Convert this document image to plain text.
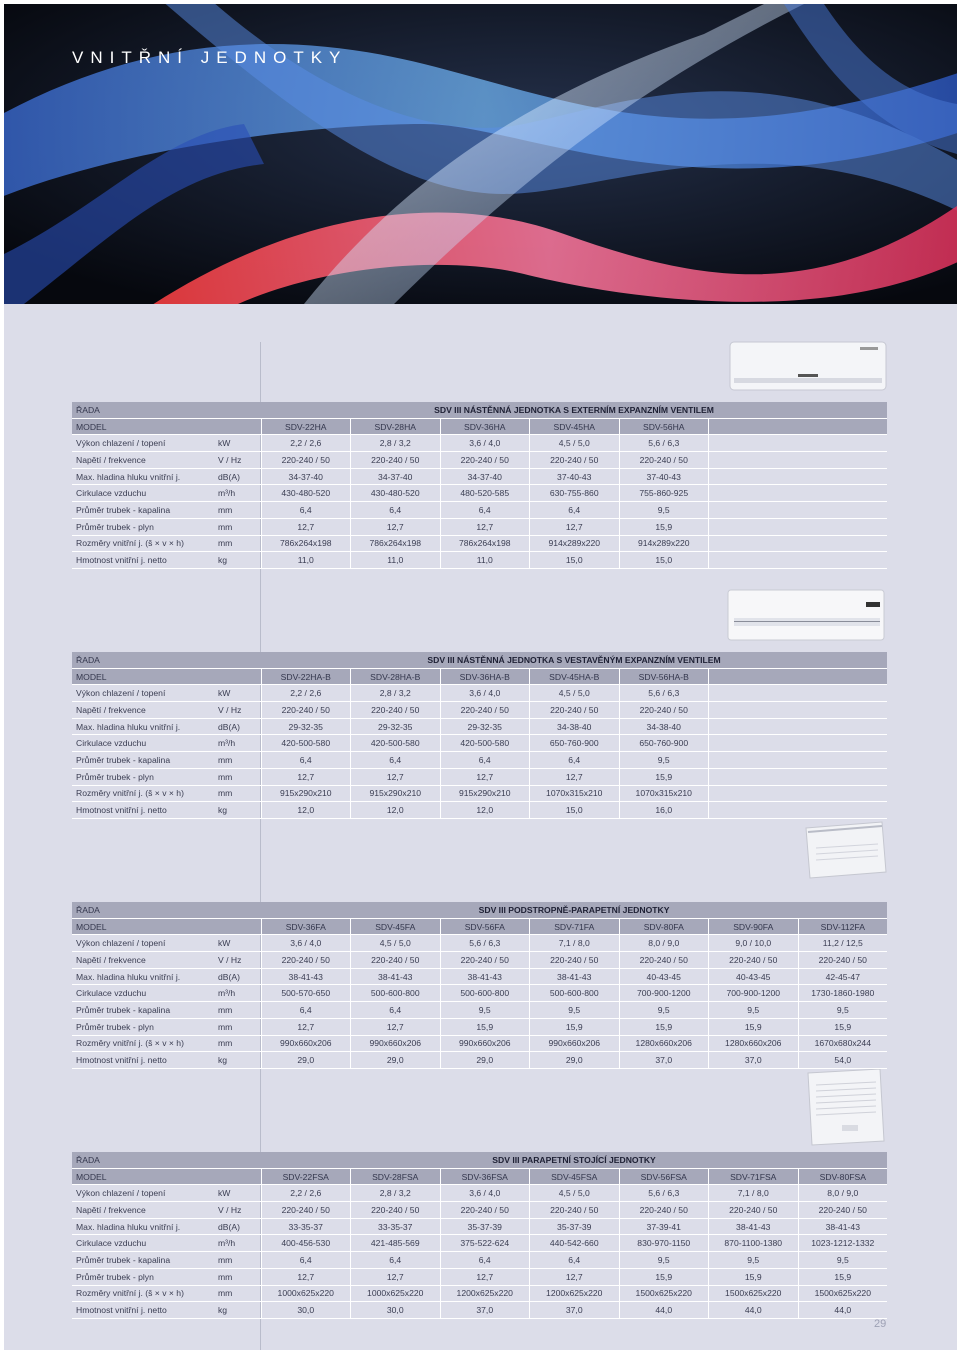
VNITŘNÍ JEDNOTKY
ŘADA		SDV III NÁSTĚNNÁ JEDNOTKA S EXTERNÍM EXPANZNÍM VENTILEM					
MODEL		SDV-22HA	SDV-28HA	SDV-36HA	SDV-45HA	SDV-56HA	
Výkon chlazení / topení	kW	2,2 / 2,6	2,8 / 3,2	3,6 / 4,0	4,5 / 5,0	5,6 / 6,3	
Napětí / frekvence	V / Hz	220-240 / 50	220-240 / 50	220-240 / 50	220-240 / 50	220-240 / 50	
Max. hladina hluku vnitřní j.	dB(A)	34-37-40	34-37-40	34-37-40	37-40-43	37-40-43	
Cirkulace vzduchu	m³/h	430-480-520	430-480-520	480-520-585	630-755-860	755-860-925	
Průměr trubek - kapalina	mm	6,4	6,4	6,4	6,4	9,5	
Průměr trubek - plyn	mm	12,7	12,7	12,7	12,7	15,9	
Rozměry vnitřní j. (š × v × h)	mm	786x264x198	786x264x198	786x264x198	914x289x220	914x289x220	
Hmotnost vnitřní j. netto	kg	11,0	11,0	11,0	15,0	15,0	
ŘADA		SDV III NÁSTĚNNÁ JEDNOTKA S VESTAVĚNÝM EXPANZNÍM VENTILEM					
MODEL		SDV-22HA-B	SDV-28HA-B	SDV-36HA-B	SDV-45HA-B	SDV-56HA-B	
Výkon chlazení / topení	kW	2,2 / 2,6	2,8 / 3,2	3,6 / 4,0	4,5 / 5,0	5,6 / 6,3	
Napětí / frekvence	V / Hz	220-240 / 50	220-240 / 50	220-240 / 50	220-240 / 50	220-240 / 50	
Max. hladina hluku vnitřní j.	dB(A)	29-32-35	29-32-35	29-32-35	34-38-40	34-38-40	
Cirkulace vzduchu	m³/h	420-500-580	420-500-580	420-500-580	650-760-900	650-760-900	
Průměr trubek - kapalina	mm	6,4	6,4	6,4	6,4	9,5	
Průměr trubek - plyn	mm	12,7	12,7	12,7	12,7	15,9	
Rozměry vnitřní j. (š × v × h)	mm	915x290x210	915x290x210	915x290x210	1070x315x210	1070x315x210	
Hmotnost vnitřní j. netto	kg	12,0	12,0	12,0	15,0	16,0	
ŘADA		SDV III PODSTROPNĚ-PARAPETNÍ JEDNOTKY						
MODEL		SDV-36FA	SDV-45FA	SDV-56FA	SDV-71FA	SDV-80FA	SDV-90FA	SDV-112FA
Výkon chlazení / topení	kW	3,6 / 4,0	4,5 / 5,0	5,6 / 6,3	7,1 / 8,0	8,0 / 9,0	9,0 / 10,0	11,2 / 12,5
Napětí / frekvence	V / Hz	220-240 / 50	220-240 / 50	220-240 / 50	220-240 / 50	220-240 / 50	220-240 / 50	220-240 / 50
Max. hladina hluku vnitřní j.	dB(A)	38-41-43	38-41-43	38-41-43	38-41-43	40-43-45	40-43-45	42-45-47
Cirkulace vzduchu	m³/h	500-570-650	500-600-800	500-600-800	500-600-800	700-900-1200	700-900-1200	1730-1860-1980
Průměr trubek - kapalina	mm	6,4	6,4	9,5	9,5	9,5	9,5	9,5
Průměr trubek - plyn	mm	12,7	12,7	15,9	15,9	15,9	15,9	15,9
Rozměry vnitřní j. (š × v × h)	mm	990x660x206	990x660x206	990x660x206	990x660x206	1280x660x206	1280x660x206	1670x680x244
Hmotnost vnitřní j. netto	kg	29,0	29,0	29,0	29,0	37,0	37,0	54,0
ŘADA		SDV III PARAPETNÍ STOJÍCÍ JEDNOTKY						
MODEL		SDV-22FSA	SDV-28FSA	SDV-36FSA	SDV-45FSA	SDV-56FSA	SDV-71FSA	SDV-80FSA
Výkon chlazení / topení	kW	2,2 / 2,6	2,8 / 3,2	3,6 / 4,0	4,5 / 5,0	5,6 / 6,3	7,1 / 8,0	8,0 / 9,0
Napětí / frekvence	V / Hz	220-240 / 50	220-240 / 50	220-240 / 50	220-240 / 50	220-240 / 50	220-240 / 50	220-240 / 50
Max. hladina hluku vnitřní j.	dB(A)	33-35-37	33-35-37	35-37-39	35-37-39	37-39-41	38-41-43	38-41-43
Cirkulace vzduchu	m³/h	400-456-530	421-485-569	375-522-624	440-542-660	830-970-1150	870-1100-1380	1023-1212-1332
Průměr trubek - kapalina	mm	6,4	6,4	6,4	6,4	9,5	9,5	9,5
Průměr trubek - plyn	mm	12,7	12,7	12,7	12,7	15,9	15,9	15,9
Rozměry vnitřní j. (š × v × h)	mm	1000x625x220	1000x625x220	1200x625x220	1200x625x220	1500x625x220	1500x625x220	1500x625x220
Hmotnost vnitřní j. netto	kg	30,0	30,0	37,0	37,0	44,0	44,0	44,0
29
